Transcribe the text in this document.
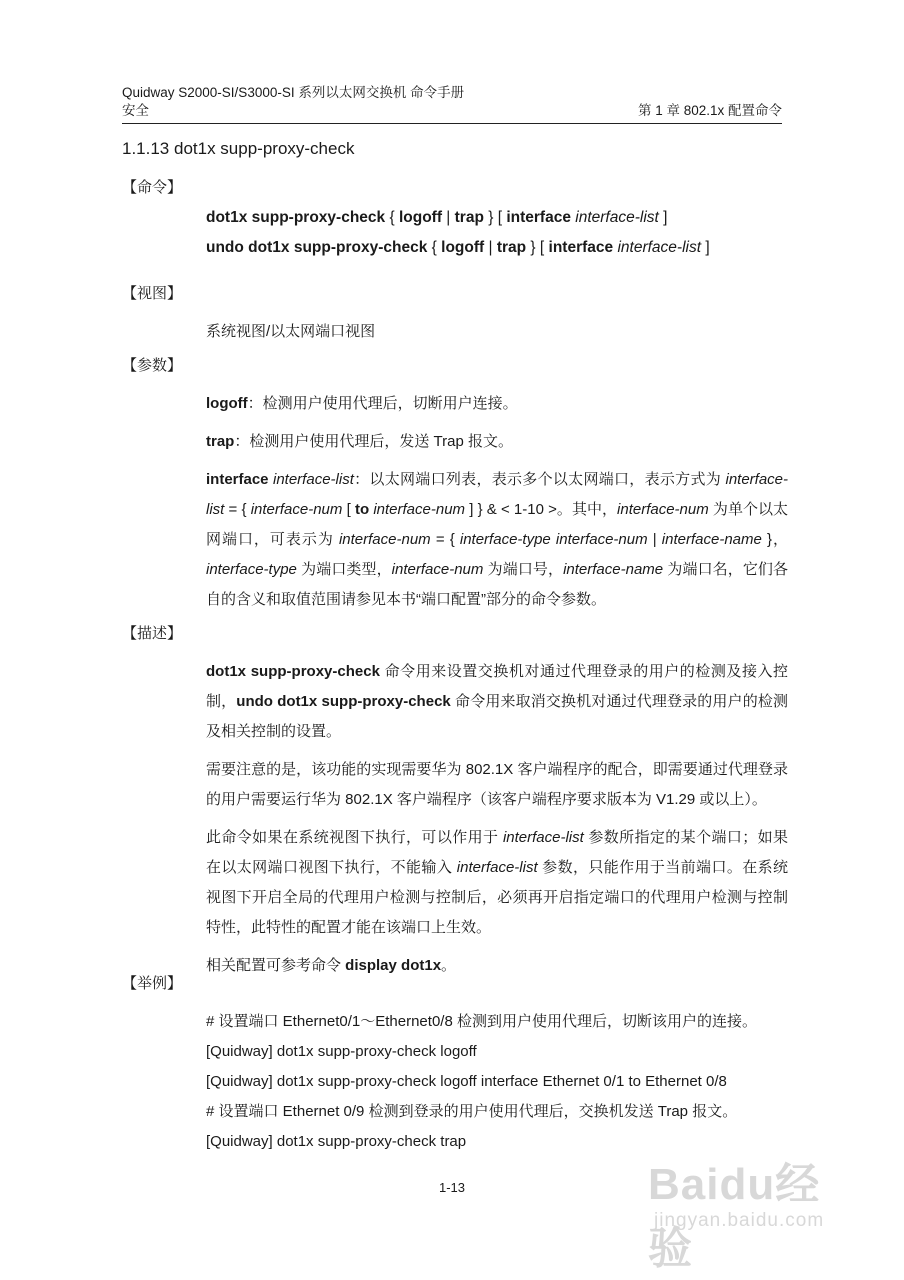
Quidway S2000-SI/S3000-SI 系列以太网交换机 命令手册
安全	第 1 章 802.1x 配置命令
1.1.13 dot1x supp-proxy-check
【命令】
dot1x supp-proxy-check { logoff | trap } [ interface interface-list ]
undo dot1x supp-proxy-check { logoff | trap } [ interface interface-list ]
【视图】

系统视图/以太网端口视图

【参数】

logoff：检测用户使用代理后，切断用户连接。

trap：检测用户使用代理后，发送 Trap 报文。

interface interface-list：以太网端口列表，表示多个以太网端口，表示方式为 interface-list = { interface-num [ to interface-num ] } & < 1-10 >。其中，interface-num 为单个以太网端口，可表示为 interface-num = { interface-type interface-num | interface-name }，interface-type 为端口类型，interface-num 为端口号，interface-name 为端口名，它们各自的含义和取值范围请参见本书“端口配置”部分的命令参数。

【描述】

dot1x supp-proxy-check 命令用来设置交换机对通过代理登录的用户的检测及接入控制，undo dot1x supp-proxy-check 命令用来取消交换机对通过代理登录的用户的检测及相关控制的设置。

需要注意的是，该功能的实现需要华为 802.1X 客户端程序的配合，即需要通过代理登录的用户需要运行华为 802.1X 客户端程序（该客户端程序要求版本为 V1.29 或以上）。

此命令如果在系统视图下执行，可以作用于 interface-list 参数所指定的某个端口；如果在以太网端口视图下执行，不能输入 interface-list 参数，只能作用于当前端口。在系统视图下开启全局的代理用户检测与控制后，必须再开启指定端口的代理用户检测与控制特性，此特性的配置才能在该端口上生效。

相关配置可参考命令 display dot1x。

【举例】

# 设置端口 Ethernet0/1～Ethernet0/8 检测到用户使用代理后，切断该用户的连接。

[Quidway] dot1x supp-proxy-check logoff

[Quidway] dot1x supp-proxy-check logoff interface Ethernet 0/1 to Ethernet 0/8

# 设置端口 Ethernet 0/9 检测到登录的用户使用代理后，交换机发送 Trap 报文。

[Quidway] dot1x supp-proxy-check trap

1-13	Baidu经验
jingyan.baidu.com
